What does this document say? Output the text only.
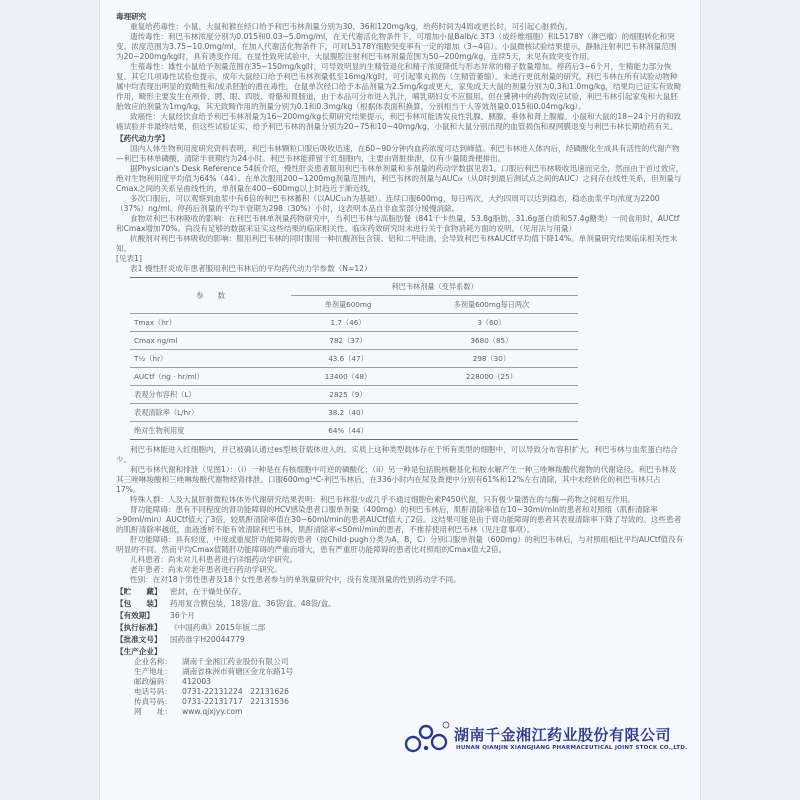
毒理研究

重复给药毒性：小鼠、大鼠和猴在经口给予利巴韦林剂量分别为30、36和120mg/kg，给药时间为4周或更长时，可引起心脏损伤。

遗传毒性：利巴韦林浓度分别为0.015和0.03~5.0mg/ml，在无代谢活化物条件下，可增加小鼠Balb/c 3T3（成纤维细胞）和L5178Y（淋巴瘤）的细胞转化和突变。浓度范围为3.75~10.0mg/ml，在加入代谢活化物条件下，可对L5178Y细胞突变率有一定的增加（3~4倍）。小鼠微核试验结果提示，静脉注射利巴韦林剂量范围为20~200mg/kg时，具有诱变作用。在显性致死试验中，大鼠腹腔注射利巴韦林剂量范围为50~200mg/kg，连续5天，未见有致突变作用。

生殖毒性：雄性小鼠给予剂量范围在35~150mg/kg时，可导致明显的生精管退化和精子浓度降低与形态异常的精子数量增加。停药后3~6个月，生精能力部分恢复。其它几项毒性试验也提示，成年大鼠经口给予利巴韦林剂量低至16mg/kg时，可引起睾丸损伤（生精管萎缩）。未进行更低剂量的研究。利巴韦林在所有试验动物种属中均表现出明显的致畸性和/或杀胚胎的潜在毒性，仓鼠单次经口给予本品剂量为2.5mg/kg或更大，家兔成天大鼠的剂量分别为0.3和1.0mg/kg，结果均已证实有致畸作用，畸形主要发生在颅骨、腭、眼、四肢、骨骼和胃肠道，由于本品可分布进入乳汁，哺乳期妇女不应服用。但在狒狒中的药物效应试验，利巴韦林引起家兔和大鼠胚胎效应的剂量为1mg/kg，其无致畸作用的剂量分别为0.1和0.3mg/kg（根据体表面积换算，分别相当于人等效剂量0.015和0.04mg/kg）。

致癌性：大鼠经饮食给予利巴韦林剂量为16~200mg/kg长期研究结果提示，利巴韦林可能诱发良性乳腺、胰腺、垂体和肾上腺瘤。小鼠和大鼠的18~24个月的和致癌试验并非最终结果，但这些试验证实，给予利巴韦林的剂量分别为20~75和10~40mg/kg，小鼠和大鼠分别出现的血管损伤和视网膜退变与利巴韦林长期给药有关。

【药代动力学】

国内人体生物利用度研究资料表明，利巴韦林颗粒口服后吸收迅速，在60~90分钟内血药浓度可达到峰值。利巴韦林进入体内后，经磷酸化生成具有活性的代谢产物—利巴韦林单磷酸，清除半衰期约为24小时。利巴韦林能滞留于红细胞内，主要由肾脏排泄，仅有少量随粪便排出。

据Physician's Desk Reference 54版介绍，慢性肝炎患者服用利巴韦林单剂量和多剂量的药动学数据见表1。口服后利巴韦林吸收迅速而完全，然而由于首过效应，绝对生物利用度平均值为64%（44）。在单次服用200~1200mg剂量范围内，利巴韦林的剂量与AUC₀ₜ（从0时到最后测试点之间的AUC）之间存在线性关系，但剂量与Cmax之间的关系呈曲线性的，单剂量在400~600mg以上时趋近于渐近线。

多次口服后，可以观察到血浆中有6倍的利巴韦林蓄积（以AUC₁₂h为基础）。连续口服600mg，每日两次，大约四周可以达到稳态，稳态血浆平均浓度为2200（37%）ng/ml。停药后剂量的平均半衰期为298（30%）小时，这表明本品自非血浆部分缓慢消除。

食物对利巴韦林吸收的影响：在利巴韦林单剂量药物研究中，当利巴韦林与高脂肪餐（841千卡热量，53.8g脂肪，31.6g蛋白质和57.4g糖类）一同食用时，AUCtf和Cmax增加70%。尚没有足够的数据来证实这些结果的临床相关性。临床药效研究时未进行关于食物消耗方面的说明。（见用法与用量）

抗酸剂对利巴韦林吸收的影响：服用利巴韦林的同时服用一种抗酸剂包含镁、铝和二甲硅油，会导致利巴韦林AUCtf平均值下降14%。单剂量研究结果临床相关性未知。

[见表1]

表1 慢性肝炎成年患者服用利巴韦林后的平均药代动力学参数（N=12）

参　　数	利巴韦林剂量（变异系数）	
	单剂量600mg	多剂量600mg每日两次
Tmax（hr）	1.7（46）	3（60）
Cmax ng/ml	782（37）	3680（85）
T½（hr）	43.6（47）	298（30）
AUCtf（ng · hr/ml）	13400（48）	228000（25）
表观分布容积（L）	2825（9）	
表观清除率（L/hr）	38.2（40）	
绝对生物利用度	64%（44）	

利巴韦林能进入红细胞内，并已被确认通过es型核苷载体进入的。实质上这种类型载体存在于所有类型的细胞中，可以导致分布容积扩大。利巴韦林与血浆蛋白结合少。

利巴韦林代谢和排泄（见图1）：（i）一种是在有核细胞中可逆的磷酸化；（ii）另一种是包括脱核糖基化和胺水解产生一种三唑啉羧酸代谢物的代谢途径。利巴韦林及其三唑啉羧酸和三唑啉羧酸代谢物经肾排泄。口服600mg¹⁴C-利巴韦林后，在336小时内在尿及粪便中分别有61%和12%左右清除，其中未经转化的利巴韦林只占17%。

特殊人群：人及大鼠肝脏微粒体体外代谢研究结果表明：利巴韦林很少或几乎不通过细胞色素P450代谢，只有极少量潜在的与酶—药物之间相互作用。

肾功能障碍：患有不同程度的肾功能障碍的HCV感染患者口服单剂量（400mg）的利巴韦林后，肌酐清除率值在10~30ml/min的患者和对照组（肌酐清除率>90ml/min）AUCtf值大了3倍，较肌酐清除率值在30~60ml/min的患者AUCtf值大了2倍。这结果可能是由于肾功能障碍的患者其表观清除率下降了导致的。这些患者的肌酐清除率越低，血液透析不能有效清除利巴韦林，肌酐清除率<50ml/min的患者，不推荐使用利巴韦林（见注意事项）。

肝功能障碍：具有轻度、中度或重度肝功能障碍的患者（按Child-pugh分类为A，B，C）分别口服单剂量（600mg）的利巴韦林后，与对照组相比平均AUCtf值没有明显的不同。然而平均Cmax值随肝功能障碍的严重而增大，患有严重肝功能障碍的患者比对照组的Cmax值大2倍。

儿科患者：尚未对儿科患者进行详细药动学研究。

老年患者：尚未对老年患者进行药动学研究。

性别：在对18个男性患者及18个女性患者参与的单剂量研究中，没有发现剂量的性别药动学不同。

【贮　　藏】 密封，在干燥处保存。

【包　　装】 药用复合膜包装，18袋/盒、36袋/盒、48袋/盒。

【有效期】 36个月

【执行标准】 《中国药典》2015年版二部

【批准文号】 国药准字H20044779

【生产企业】

企业名称： 湖南千金湘江药业股份有限公司

生产地址： 湖南省株洲市荷塘区金龙东路1号

邮政编码： 412003

电话号码： 0731-22131224　22131626

传真号码： 0731-22131717　22131536

网　　址： www.qjxjyy.com

湖南千金湘江药业股份有限公司
HUNAN QIANJIN XIANGJIANG PHARMACEUTICAL JOINT STOCK CO.,LTD.
